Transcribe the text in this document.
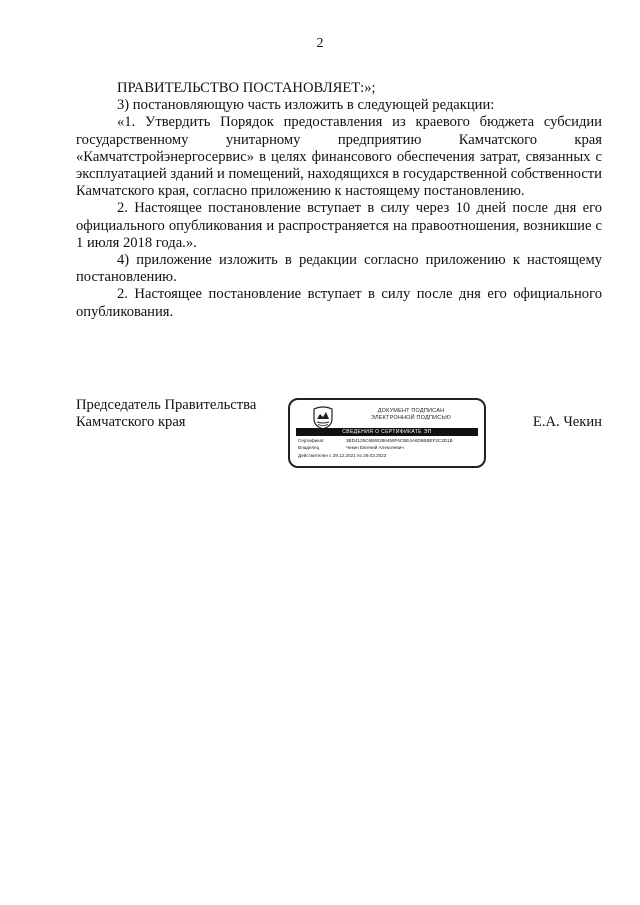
2

ПРАВИТЕЛЬСТВО ПОСТАНОВЛЯЕТ:»;

3) постановляющую часть изложить в следующей редакции:

«1. Утвердить Порядок предоставления из краевого бюджета субсидии государственному унитарному предприятию Камчатского края «Камчатстройэнергосервис» в целях финансового обеспечения затрат, связанных с эксплуатацией зданий и помещений, находящихся в государственной собственности Камчатского края, согласно приложению к настоящему постановлению.

2. Настоящее постановление вступает в силу через 10 дней после дня его официального опубликования и распространяется на правоотношения, возникшие с 1 июля 2018 года.».

4) приложение изложить в редакции согласно приложению к настоящему постановлению.

2. Настоящее постановление вступает в силу после дня его официального опубликования.

Председатель Правительства
Камчатского края
ДОКУМЕНТ ПОДПИСАН
ЭЛЕКТРОННОЙ ПОДПИСЬЮ
СВЕДЕНИЯ О СЕРТИФИКАТЕ ЭП
Сертификат	3BD4125C6B60286459F6CBE4A6D8BBEF2C3D1B
Владелец	Чекин Евгений Алексеевич
Действителен с 29.12.2021 по 29.03.2023
Е.А. Чекин
